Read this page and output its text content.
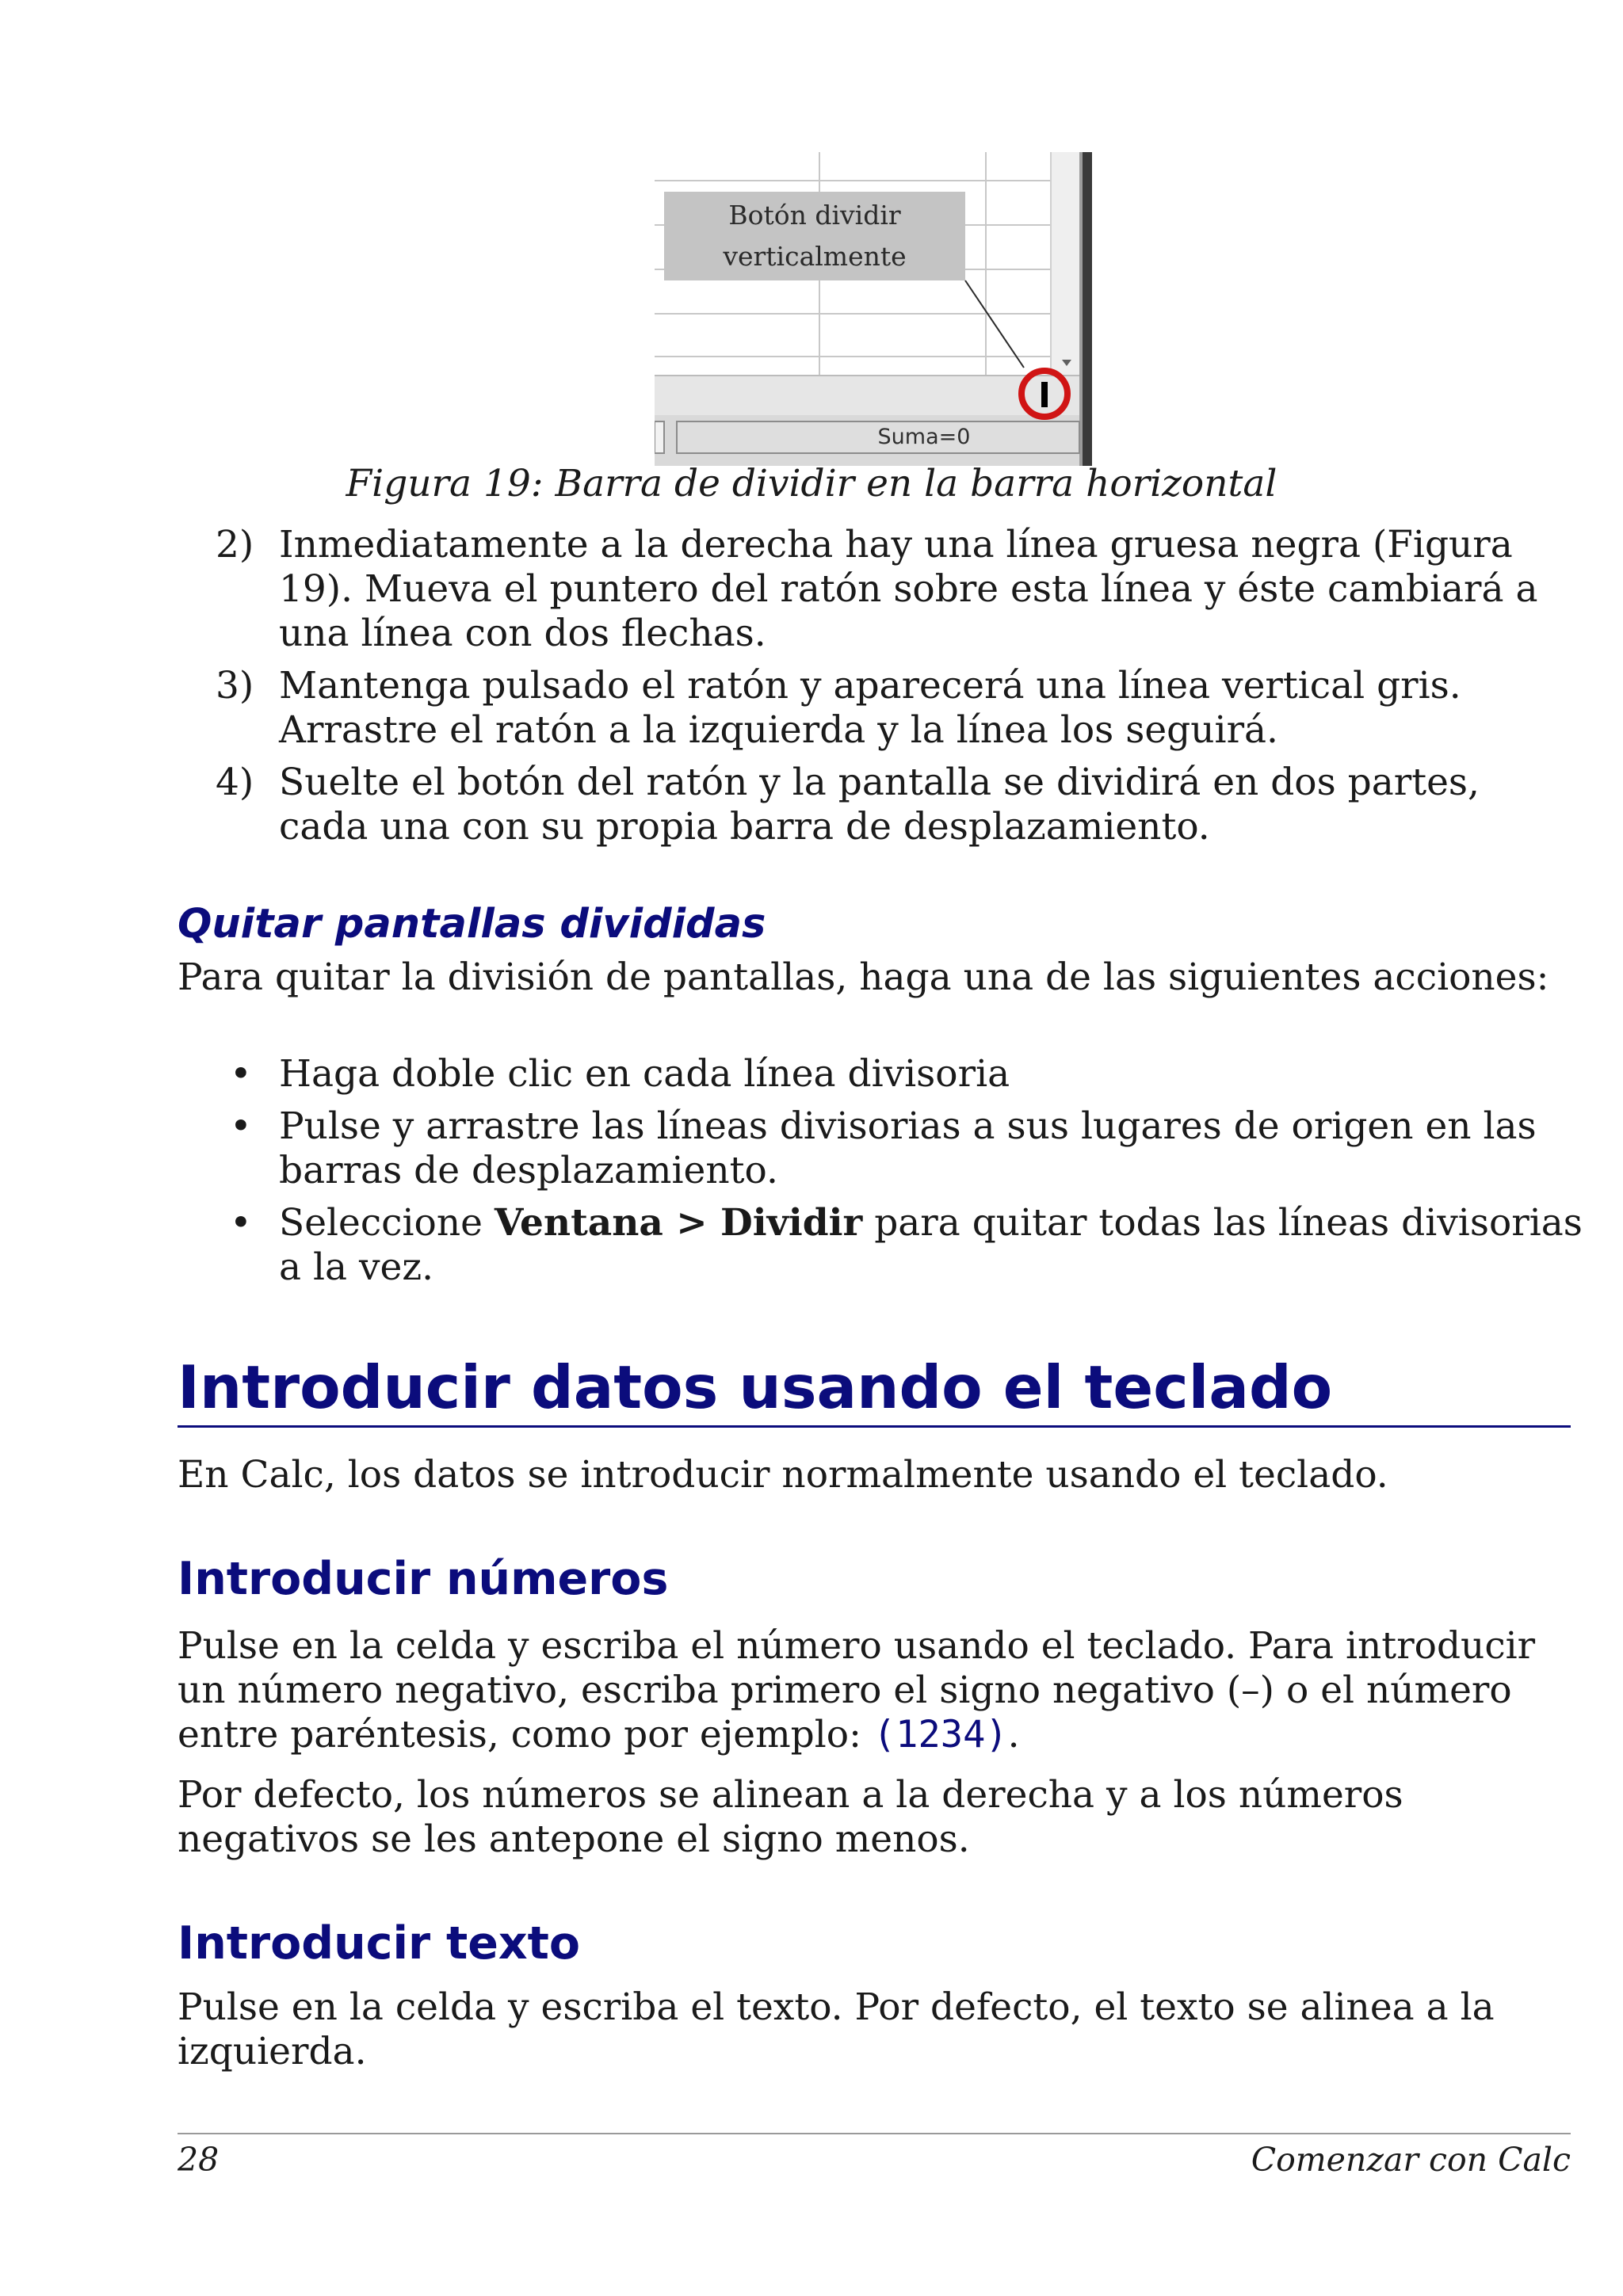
Botón dividir
verticalmente
Suma=0
Figura 19: Barra de dividir en la barra horizontal
2) Inmediatamente a la derecha hay una línea gruesa negra (Figura 19). Mueva el puntero del ratón sobre esta línea y éste cambiará a una línea con dos flechas.
3) Mantenga pulsado el ratón y aparecerá una línea vertical gris. Arrastre el ratón a la izquierda y la línea los seguirá.
4) Suelte el botón del ratón y la pantalla se dividirá en dos partes, cada una con su propia barra de desplazamiento.
Quitar pantallas divididas
Para quitar la división de pantallas, haga una de las siguientes acciones:
• Haga doble clic en cada línea divisoria
• Pulse y arrastre las líneas divisorias a sus lugares de origen en las barras de desplazamiento.
• Seleccione Ventana > Dividir para quitar todas las líneas divisorias a la vez.
Introducir datos usando el teclado
En Calc, los datos se introducir normalmente usando el teclado.
Introducir números
Pulse en la celda y escriba el número usando el teclado. Para introducir un número negativo, escriba primero el signo negativo (–) o el número entre paréntesis, como por ejemplo: (1234).
Por defecto, los números se alinean a la derecha y a los números negativos se les antepone el signo menos.
Introducir texto
Pulse en la celda y escriba el texto. Por defecto, el texto se alinea a la izquierda.
28	Comenzar con Calc
